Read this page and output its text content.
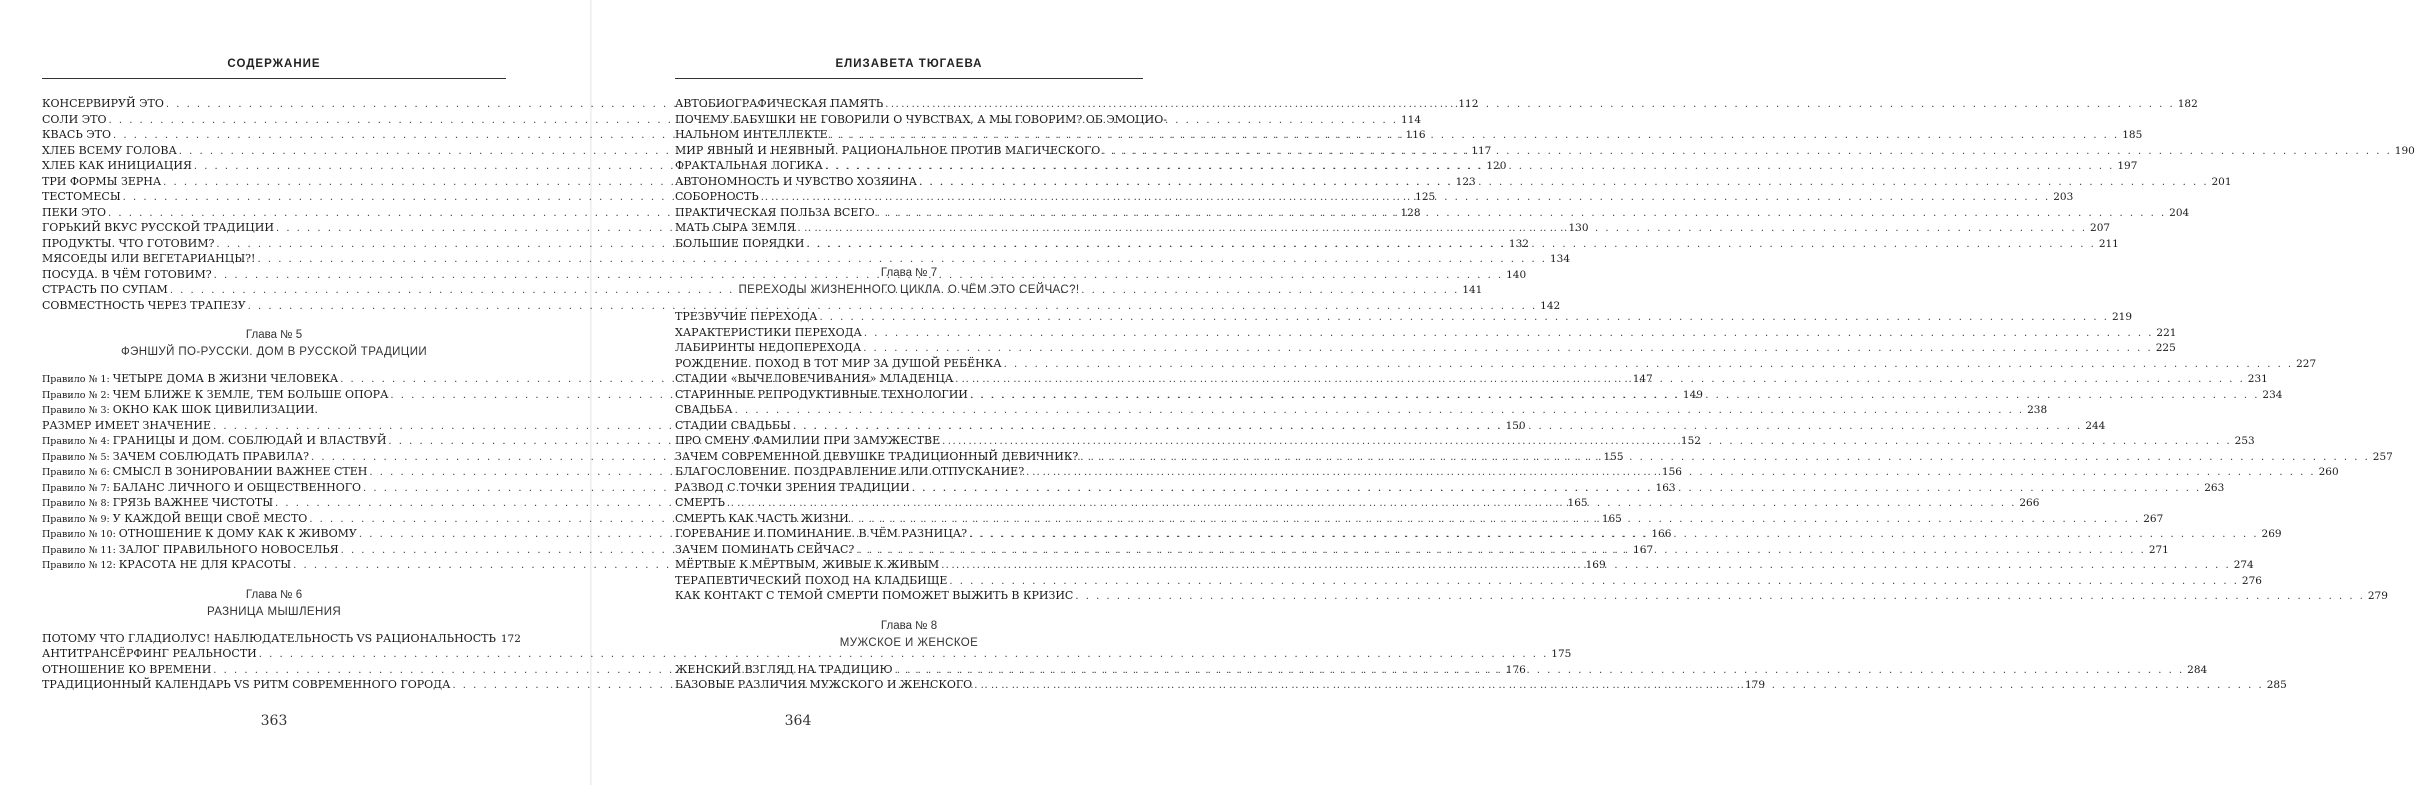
СОДЕРЖАНИЕ
КОНСЕРВИРУЙ ЭТО . . .	112
СОЛИ ЭТО . . .	114
КВАСЬ ЭТО . . .	116
ХЛЕБ ВСЕМУ ГОЛОВА . . .	117
ХЛЕБ КАК ИНИЦИАЦИЯ . . .	120
ТРИ ФОРМЫ ЗЕРНА . . .	123
ТЕСТОМЕСЫ . . .	125
ПЕКИ ЭТО . . .	128
ГОРЬКИЙ ВКУС РУССКОЙ ТРАДИЦИИ . . .	130
ПРОДУКТЫ. ЧТО ГОТОВИМ? . . .	132
МЯСОЕДЫ ИЛИ ВЕГЕТАРИАНЦЫ?! . . .	134
ПОСУДА. В ЧЁМ ГОТОВИМ? . . .	140
СТРАСТЬ ПО СУПАМ . . .	141
СОВМЕСТНОСТЬ ЧЕРЕЗ ТРАПЕЗУ . . .	142
Глава № 5
ФЭНШУЙ ПО-РУССКИ. ДОМ В РУССКОЙ ТРАДИЦИИ
Правило № 1: ЧЕТЫРЕ ДОМА В ЖИЗНИ ЧЕЛОВЕКА . . .	147
Правило № 2: ЧЕМ БЛИЖЕ К ЗЕМЛЕ, ТЕМ БОЛЬШЕ ОПОРА . . .	149
Правило № 3: ОКНО КАК ШОК ЦИВИЛИЗАЦИИ.
РАЗМЕР ИМЕЕТ ЗНАЧЕНИЕ . . .	150
Правило № 4: ГРАНИЦЫ И ДОМ. СОБЛЮДАЙ И ВЛАСТВУЙ . . .	152
Правило № 5: ЗАЧЕМ СОБЛЮДАТЬ ПРАВИЛА? . . .	155
Правило № 6: СМЫСЛ В ЗОНИРОВАНИИ ВАЖНЕЕ СТЕН . . .	156
Правило № 7: БАЛАНС ЛИЧНОГО И ОБЩЕСТВЕННОГО . . .	163
Правило № 8: ГРЯЗЬ ВАЖНЕЕ ЧИСТОТЫ . . .	165
Правило № 9: У КАЖДОЙ ВЕЩИ СВОЁ МЕСТО . . .	165
Правило № 10: ОТНОШЕНИЕ К ДОМУ КАК К ЖИВОМУ . . .	166
Правило № 11: ЗАЛОГ ПРАВИЛЬНОГО НОВОСЕЛЬЯ . . .	167
Правило № 12: КРАСОТА НЕ ДЛЯ КРАСОТЫ . . .	169
Глава № 6
РАЗНИЦА МЫШЛЕНИЯ
ПОТОМУ ЧТО ГЛАДИОЛУС! НАБЛЮДАТЕЛЬНОСТЬ VS РАЦИОНАЛЬНОСТЬ 172
АНТИТРАНСЁРФИНГ РЕАЛЬНОСТИ . . .	175
ОТНОШЕНИЕ КО ВРЕМЕНИ . . .	176
ТРАДИЦИОННЫЙ КАЛЕНДАРЬ VS РИТМ СОВРЕМЕННОГО ГОРОДА . . .	179
363
ЕЛИЗАВЕТА ТЮГАЕВА
АВТОБИОГРАФИЧЕСКАЯ ПАМЯТЬ . . .	182
ПОЧЕМУ БАБУШКИ НЕ ГОВОРИЛИ О ЧУВСТВАХ, А МЫ ГОВОРИМ? ОБ ЭМОЦИО-
НАЛЬНОМ ИНТЕЛЛЕКТЕ . . .	185
МИР ЯВНЫЙ И НЕЯВНЫЙ. РАЦИОНАЛЬНОЕ ПРОТИВ МАГИЧЕСКОГО . . .	190
ФРАКТАЛЬНАЯ ЛОГИКА . . .	197
АВТОНОМНОСТЬ И ЧУВСТВО ХОЗЯИНА . . .	201
СОБОРНОСТЬ . . .	203
ПРАКТИЧЕСКАЯ ПОЛЬЗА ВСЕГО . . .	204
МАТЬ СЫРА ЗЕМЛЯ . . .	207
БОЛЬШИЕ ПОРЯДКИ . . .	211
Глава № 7
ПЕРЕХОДЫ ЖИЗНЕННОГО ЦИКЛА. О ЧЁМ ЭТО СЕЙЧАС?!
ТРЕЗВУЧИЕ ПЕРЕХОДА . . .	219
ХАРАКТЕРИСТИКИ ПЕРЕХОДА . . .	221
ЛАБИРИНТЫ НЕДОПЕРЕХОДА . . .	225
РОЖДЕНИЕ. ПОХОД В ТОТ МИР ЗА ДУШОЙ РЕБЁНКА . . .	227
СТАДИИ «ВЫЧЕЛОВЕЧИВАНИЯ» МЛАДЕНЦА . . .	231
СТАРИННЫЕ РЕПРОДУКТИВНЫЕ ТЕХНОЛОГИИ . . .	234
СВАДЬБА . . .	238
СТАДИИ СВАДЬБЫ . . .	244
ПРО СМЕНУ ФАМИЛИИ ПРИ ЗАМУЖЕСТВЕ . . .	253
ЗАЧЕМ СОВРЕМЕННОЙ ДЕВУШКЕ ТРАДИЦИОННЫЙ ДЕВИЧНИК? . . .	257
БЛАГОСЛОВЕНИЕ. ПОЗДРАВЛЕНИЕ ИЛИ ОТПУСКАНИЕ? . . .	260
РАЗВОД С ТОЧКИ ЗРЕНИЯ ТРАДИЦИИ . . .	263
СМЕРТЬ . . .	266
СМЕРТЬ КАК ЧАСТЬ ЖИЗНИ . . .	267
ГОРЕВАНИЕ И ПОМИНАНИЕ. В ЧЁМ РАЗНИЦА? . . .	269
ЗАЧЕМ ПОМИНАТЬ СЕЙЧАС? . . .	271
МЁРТВЫЕ К МЁРТВЫМ, ЖИВЫЕ К ЖИВЫМ . . .	274
ТЕРАПЕВТИЧЕСКИЙ ПОХОД НА КЛАДБИЩЕ . . .	276
КАК КОНТАКТ С ТЕМОЙ СМЕРТИ ПОМОЖЕТ ВЫЖИТЬ В КРИЗИС . . .	279
Глава № 8
МУЖСКОЕ И ЖЕНСКОЕ
ЖЕНСКИЙ ВЗГЛЯД НА ТРАДИЦИЮ . . .	284
БАЗОВЫЕ РАЗЛИЧИЯ МУЖСКОГО И ЖЕНСКОГО . . .	285
364
